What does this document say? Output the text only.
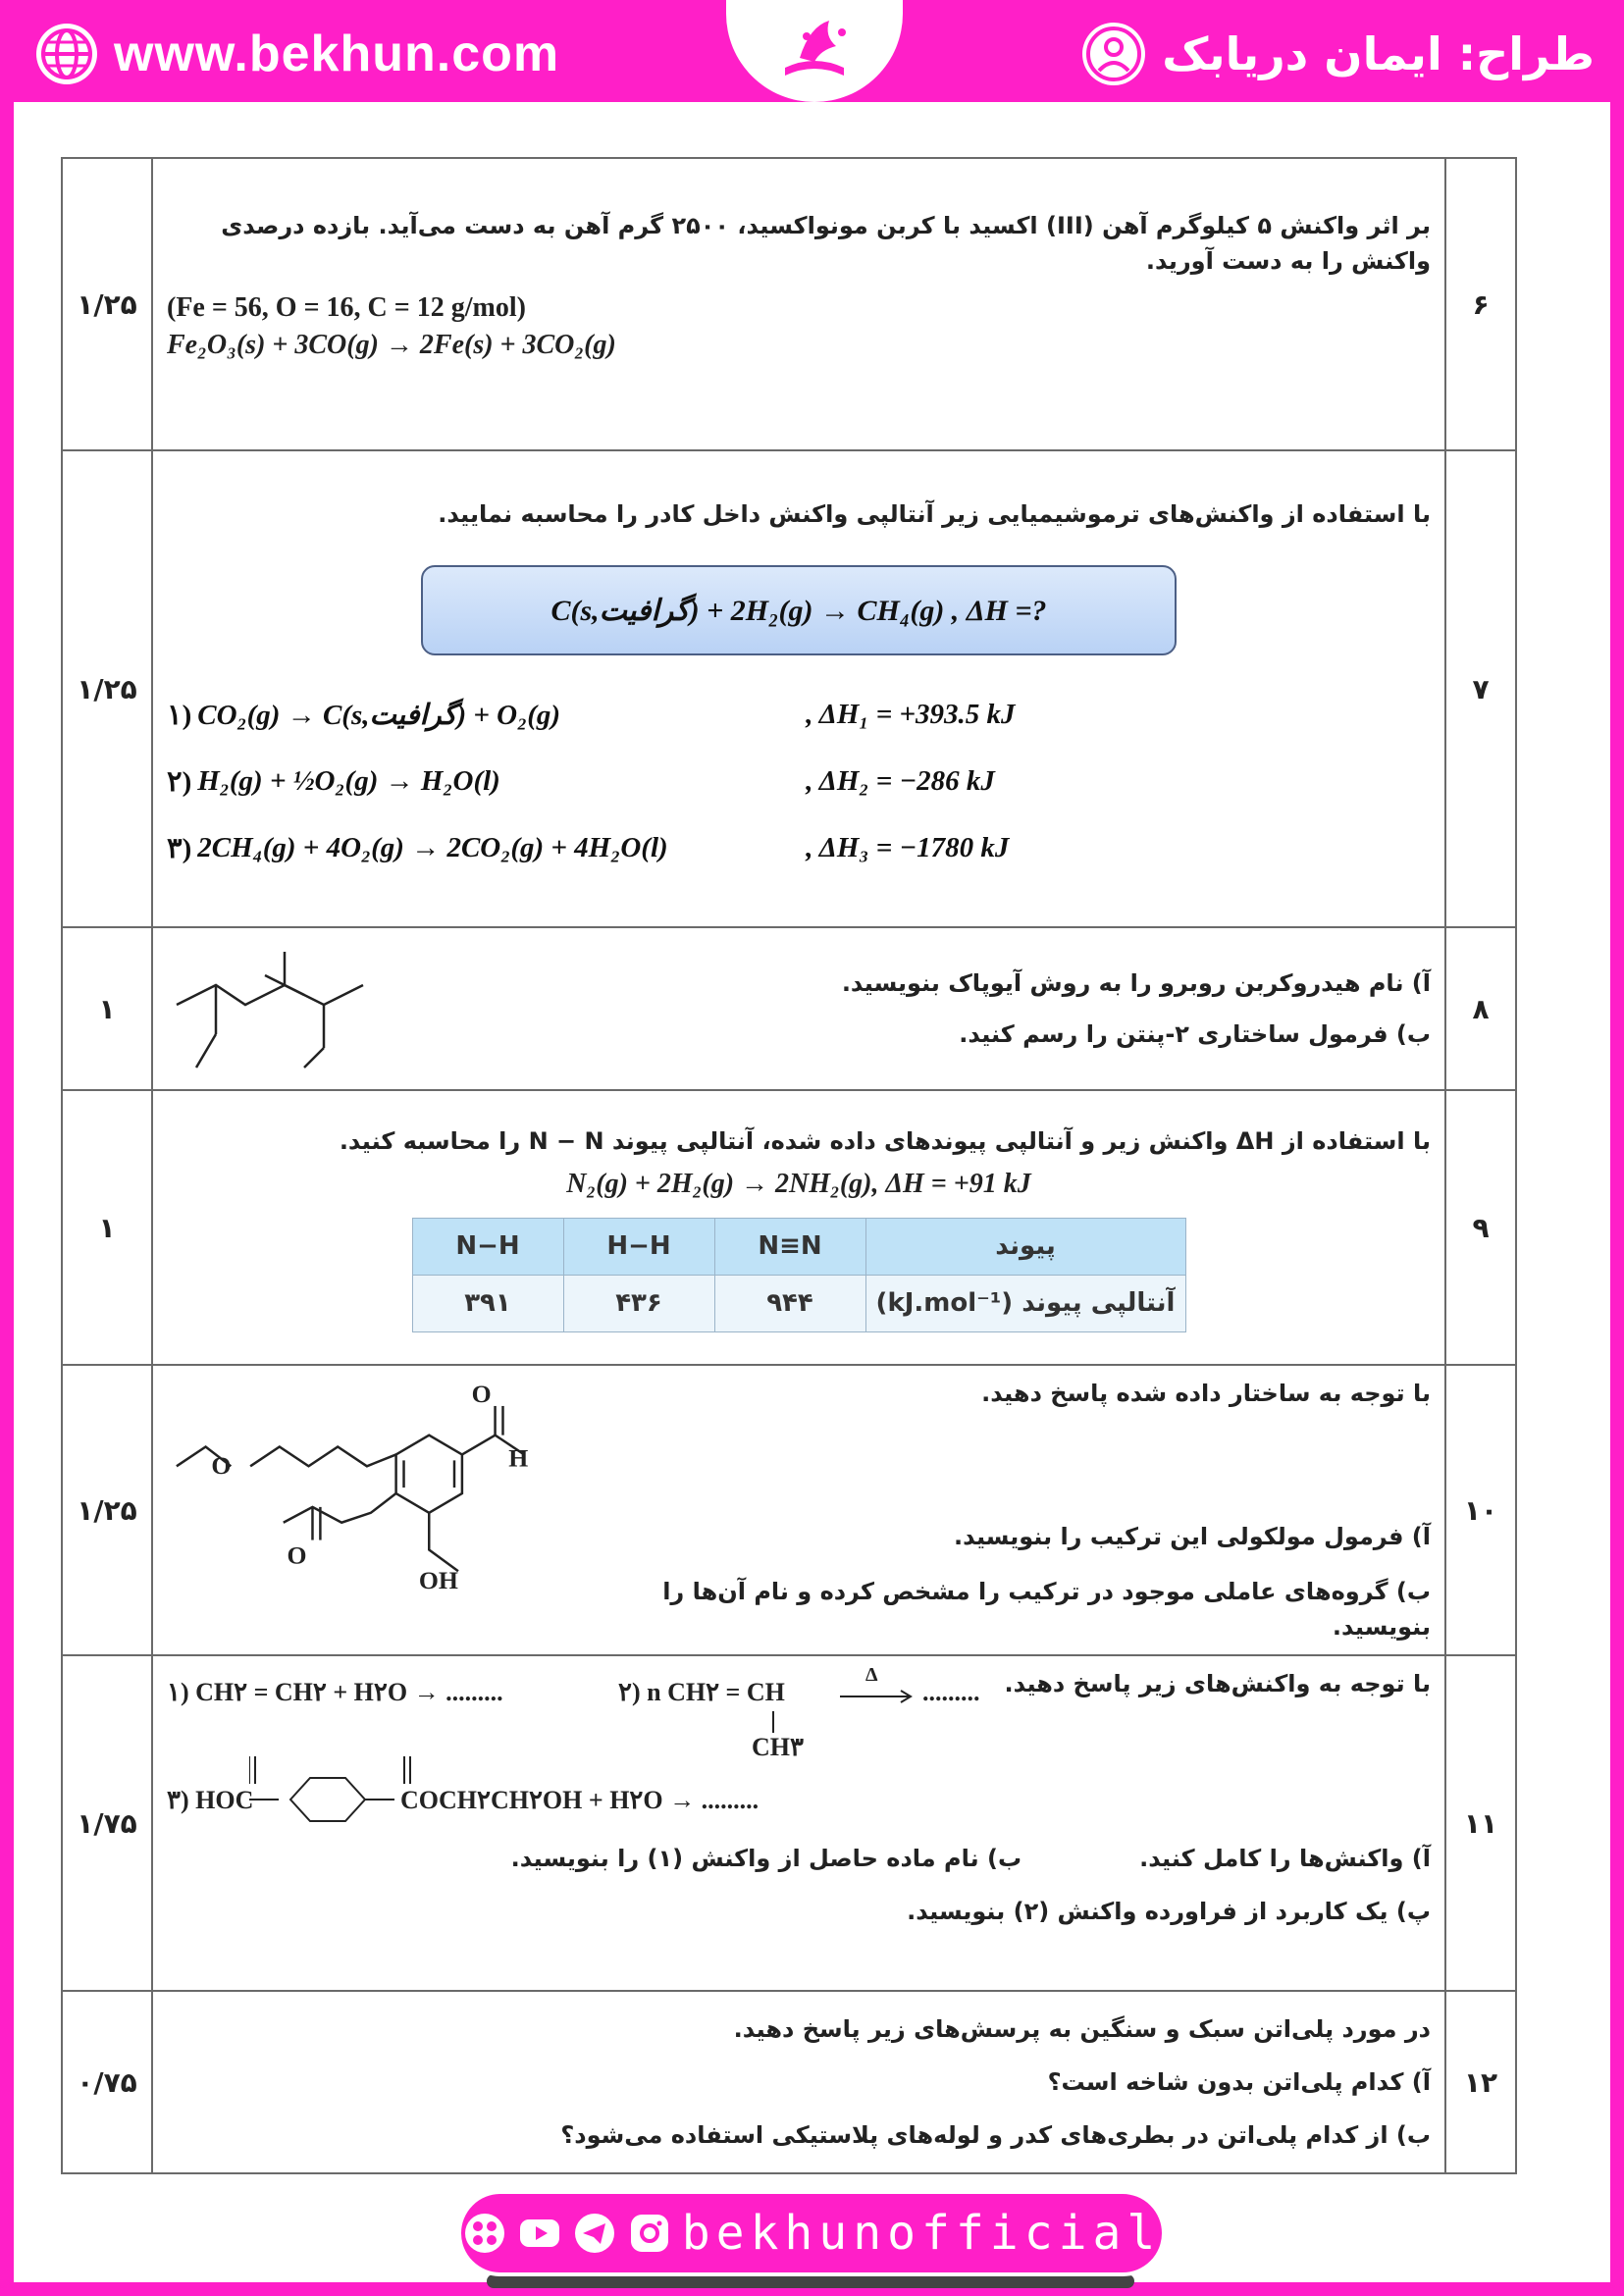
www.bekhun.com	طراح: ایمان دریابک
۶	
بر اثر واکنش ۵ کیلوگرم آهن (III) اکسید با کربن مونواکسید، ۲۵۰۰ گرم آهن به دست می‌آید. بازده درصدی واکنش را به دست آورید.
(Fe = 56, O = 16, C = 12 g/mol)
Fe₂O₃(s) + 3CO(g) → 2Fe(s) + 3CO₂(g)
	۱/۲۵
۷	
با استفاده از واکنش‌های ترموشیمیایی زیر آنتالپی واکنش داخل کادر را محاسبه نمایید.
C(s,گرافیت) + 2H₂(g) → CH₄(g) , ΔH =?
۱) CO₂(g) → C(s,گرافیت) + O₂(g)	, ΔH₁ = +393.5 kJ
۲) H₂(g) + ½O₂(g) → H₂O(l)	, ΔH₂ = −286 kJ
۳) 2CH₄(g) + 4O₂(g) → 2CO₂(g) + 4H₂O(l)	, ΔH₃ = −1780 kJ
	۱/۲۵
۸	
آ) نام هیدروکربن روبرو را به روش آیوپاک بنویسید.
ب) فرمول ساختاری ۲-پنتن را رسم کنید.
	۱
۹	
با استفاده از ΔH واکنش زیر و آنتالپی پیوندهای داده شده، آنتالپی پیوند N − N را محاسبه کنید.
N₂(g) + 2H₂(g) → 2NH₂(g), ΔH = +91 kJ
پیوند	N≡N	H−H	N−H
آنتالپی پیوند (kJ.mol⁻¹)	۹۴۴	۴۳۶	۳۹۱
	۱
۱۰	
با توجه به ساختار داده شده پاسخ دهید.
آ) فرمول مولکولی این ترکیب را بنویسید.
ب) گروه‌های عاملی موجود در ترکیب را مشخص کرده و نام آن‌ها را بنویسید.
O
O
H
O
OH
	۱/۲۵
۱۱	
با توجه به واکنش‌های زیر پاسخ دهید.
۱) CH۲ = CH۲ + H۲O → .........	۲) n CH۲ = CH
CH۳
Δ
.........
۳) HOC	COCH۲CH۲OH + H۲O → .........
آ) واکنش‌ها را کامل کنید.
ب) نام ماده حاصل از واکنش (۱) را بنویسید.
پ) یک کاربرد از فراورده واکنش (۲) بنویسید.
	۱/۷۵
۱۲	
در مورد پلی‌اتن سبک و سنگین به پرسش‌های زیر پاسخ دهید.
آ) کدام پلی‌اتن بدون شاخه است؟
ب) از کدام پلی‌اتن در بطری‌های کدر و لوله‌های پلاستیکی استفاده می‌شود؟
	۰/۷۵
bekhunofficial
